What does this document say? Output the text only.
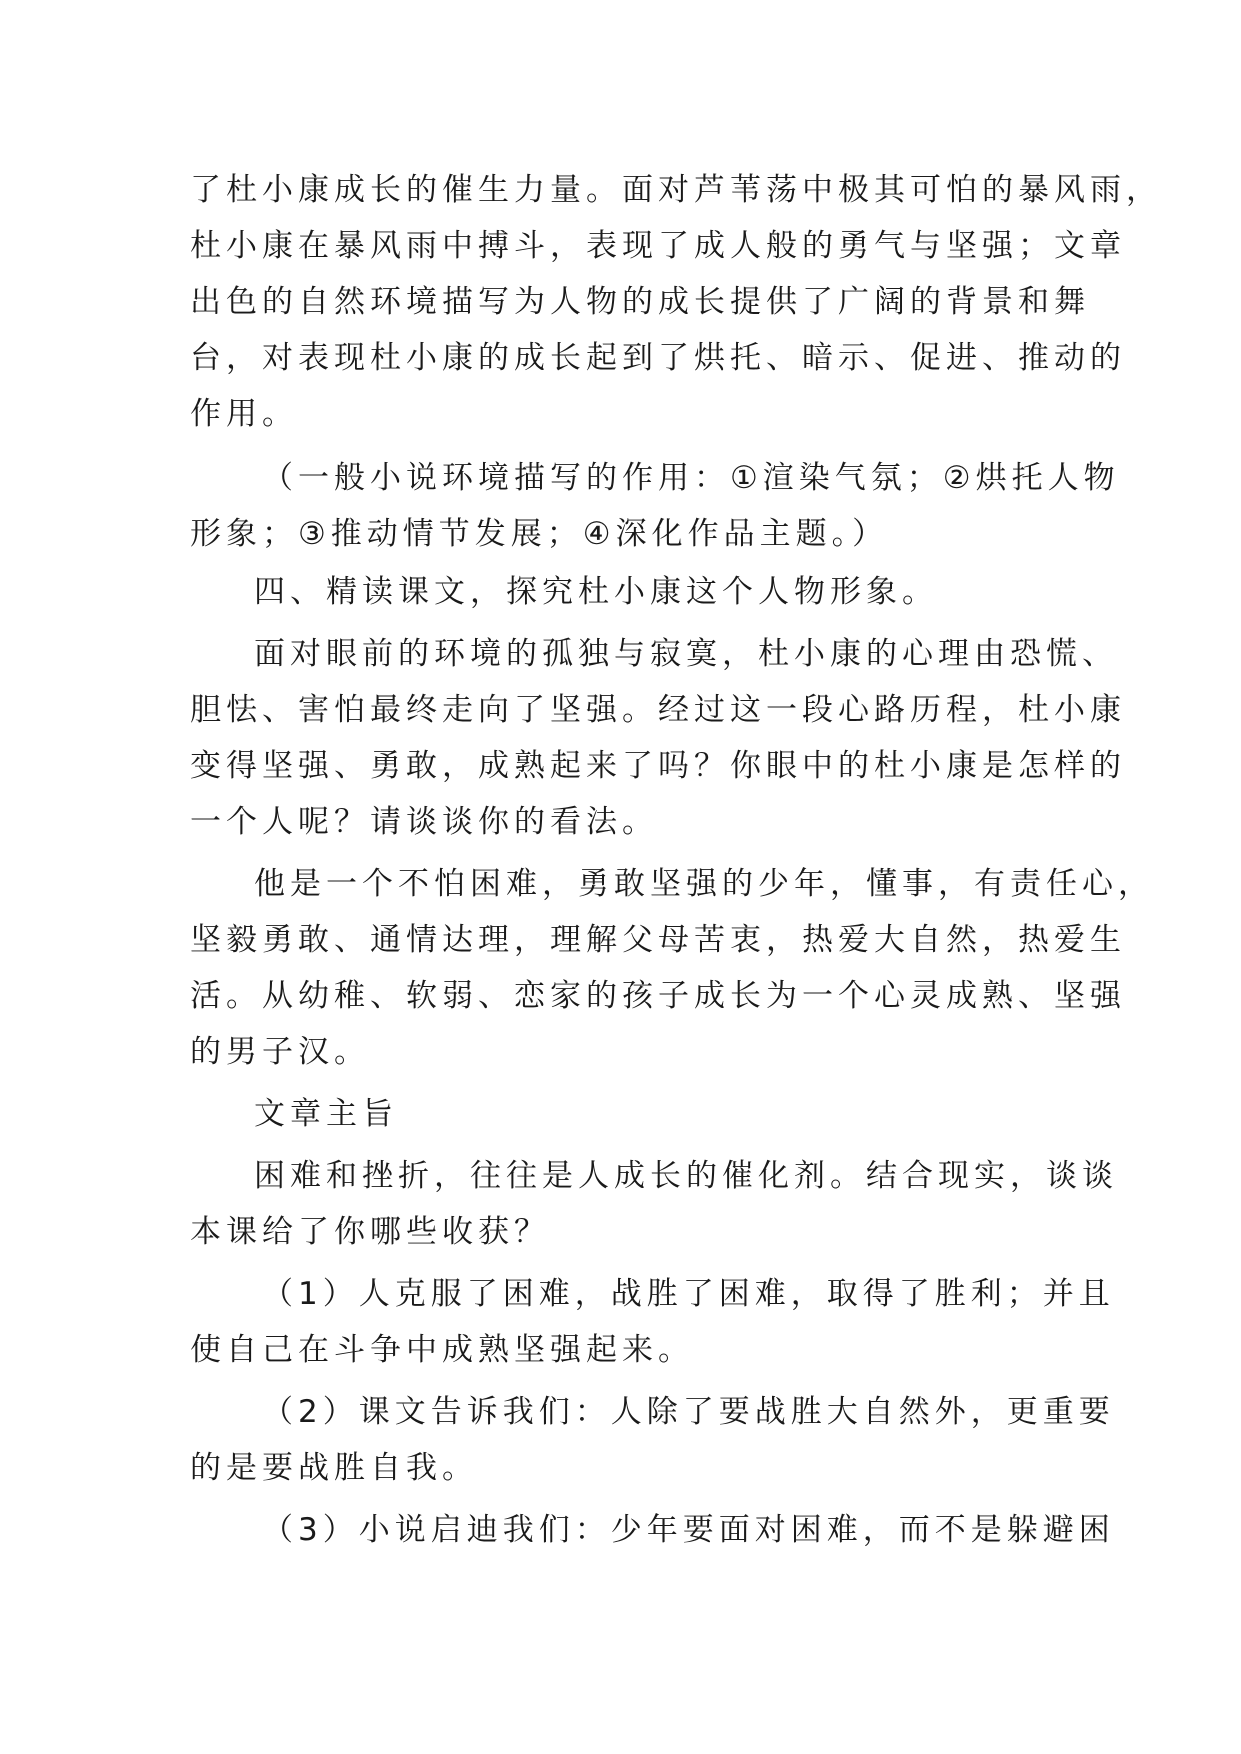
了杜小康成长的催生力量。面对芦苇荡中极其可怕的暴风雨，
杜小康在暴风雨中搏斗，表现了成人般的勇气与坚强；文章
出色的自然环境描写为人物的成长提供了广阔的背景和舞
台，对表现杜小康的成长起到了烘托、暗示、促进、推动的
作用。
（一般小说环境描写的作用：①渲染气氛；②烘托人物
形象；③推动情节发展；④深化作品主题。）
四、精读课文，探究杜小康这个人物形象。
面对眼前的环境的孤独与寂寞，杜小康的心理由恐慌、
胆怯、害怕最终走向了坚强。经过这一段心路历程，杜小康
变得坚强、勇敢，成熟起来了吗？你眼中的杜小康是怎样的
一个人呢？请谈谈你的看法。
他是一个不怕困难，勇敢坚强的少年，懂事，有责任心，
坚毅勇敢、通情达理，理解父母苦衷，热爱大自然，热爱生
活。从幼稚、软弱、恋家的孩子成长为一个心灵成熟、坚强
的男子汉。
文章主旨
困难和挫折，往往是人成长的催化剂。结合现实，谈谈
本课给了你哪些收获？
（1）人克服了困难，战胜了困难，取得了胜利；并且
使自己在斗争中成熟坚强起来。
（2）课文告诉我们：人除了要战胜大自然外，更重要
的是要战胜自我。
（3）小说启迪我们：少年要面对困难，而不是躲避困
